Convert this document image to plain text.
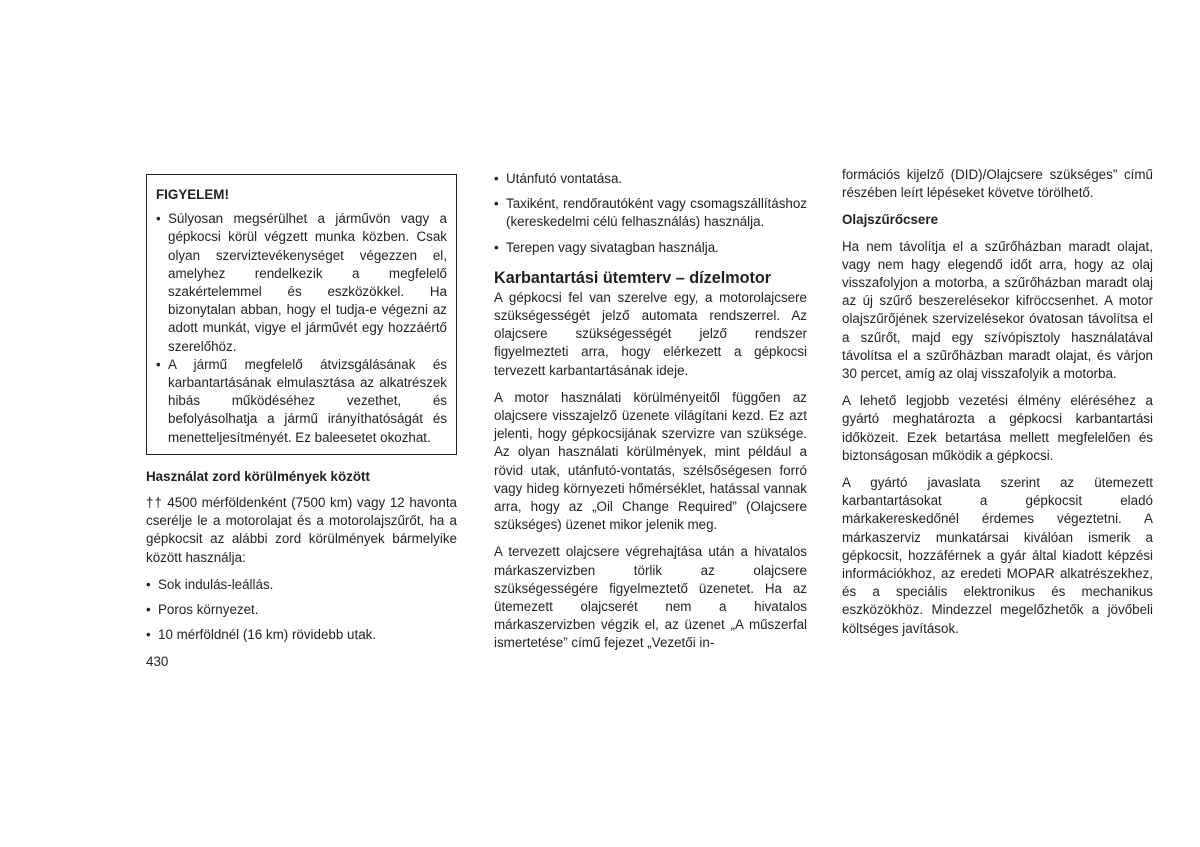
FIGYELEM!
• Súlyosan megsérülhet a járművön vagy a gépkocsi körül végzett munka közben. Csak olyan szerviztevékenységet végezzen el, amelyhez rendelkezik a megfelelő szakértelemmel és eszközökkel. Ha bizonytalan abban, hogy el tudja-e végezni az adott munkát, vigye el járművét egy hozzáértő szerelőhöz.
• A jármű megfelelő átvizsgálásának és karbantartásának elmulasztása az alkatrészek hibás működéséhez vezethet, és befolyásolhatja a jármű irányíthatóságát és menetteljesítményét. Ez baleesetet okozhat.
Használat zord körülmények között

†† 4500 mérföldenként (7500 km) vagy 12 havonta cserélje le a motorolajat és a motorolajszűrőt, ha a gépkocsit az alábbi zord körülmények bármelyike között használja:

• Sok indulás-leállás.
• Poros környezet.
• 10 mérföldnél (16 km) rövidebb utak.
• Utánfutó vontatása.
• Taxiként, rendőrautóként vagy csomagszállításhoz (kereskedelmi célú felhasználás) használja.
• Terepen vagy sivatagban használja.
Karbantartási ütemterv – dízelmotor

A gépkocsi fel van szerelve egy, a motorolajcsere szükségességét jelző automata rendszerrel. Az olajcsere szükségességét jelző rendszer figyelmezteti arra, hogy elérkezett a gépkocsi tervezett karbantartásának ideje.

A motor használati körülményeitől függően az olajcsere visszajelző üzenete világítani kezd. Ez azt jelenti, hogy gépkocsijának szervizre van szüksége. Az olyan használati körülmények, mint például a rövid utak, utánfutó-vontatás, szélsőségesen forró vagy hideg környezeti hőmérséklet, hatással vannak arra, hogy az „Oil Change Required” (Olajcsere szükséges) üzenet mikor jelenik meg.

A tervezett olajcsere végrehajtása után a hivatalos márkaszervizben törlik az olajcsere szükségességére figyelmeztető üzenetet. Ha az ütemezett olajcserét nem a hivatalos márkaszervizben végzik el, az üzenet „A műszerfal ismertetése” című fejezet „Vezetői in-

formációs kijelző (DID)/Olajcsere szükséges” című részében leírt lépéseket követve törölhető.

Olajszűrőcsere

Ha nem távolítja el a szűrőházban maradt olajat, vagy nem hagy elegendő időt arra, hogy az olaj visszafolyjon a motorba, a szűrőházban maradt olaj az új szűrő beszerelésekor kifröccsenhet. A motor olajszűrőjének szervizelésekor óvatosan távolítsa el a szűrőt, majd egy szívópisztoly használatával távolítsa el a szűrőházban maradt olajat, és várjon 30 percet, amíg az olaj visszafolyik a motorba.

A lehető legjobb vezetési élmény eléréséhez a gyártó meghatározta a gépkocsi karbantartási időközeit. Ezek betartása mellett megfelelően és biztonságosan működik a gépkocsi.

A gyártó javaslata szerint az ütemezett karbantartásokat a gépkocsit eladó márkakereskedőnél érdemes végeztetni. A márkaszerviz munkatársai kiválóan ismerik a gépkocsit, hozzáférnek a gyár által kiadott képzési információkhoz, az eredeti MOPAR alkatrészekhez, és a speciális elektronikus és mechanikus eszközökhöz. Mindezzel megelőzhetők a jövőbeli költséges javítások.

430
